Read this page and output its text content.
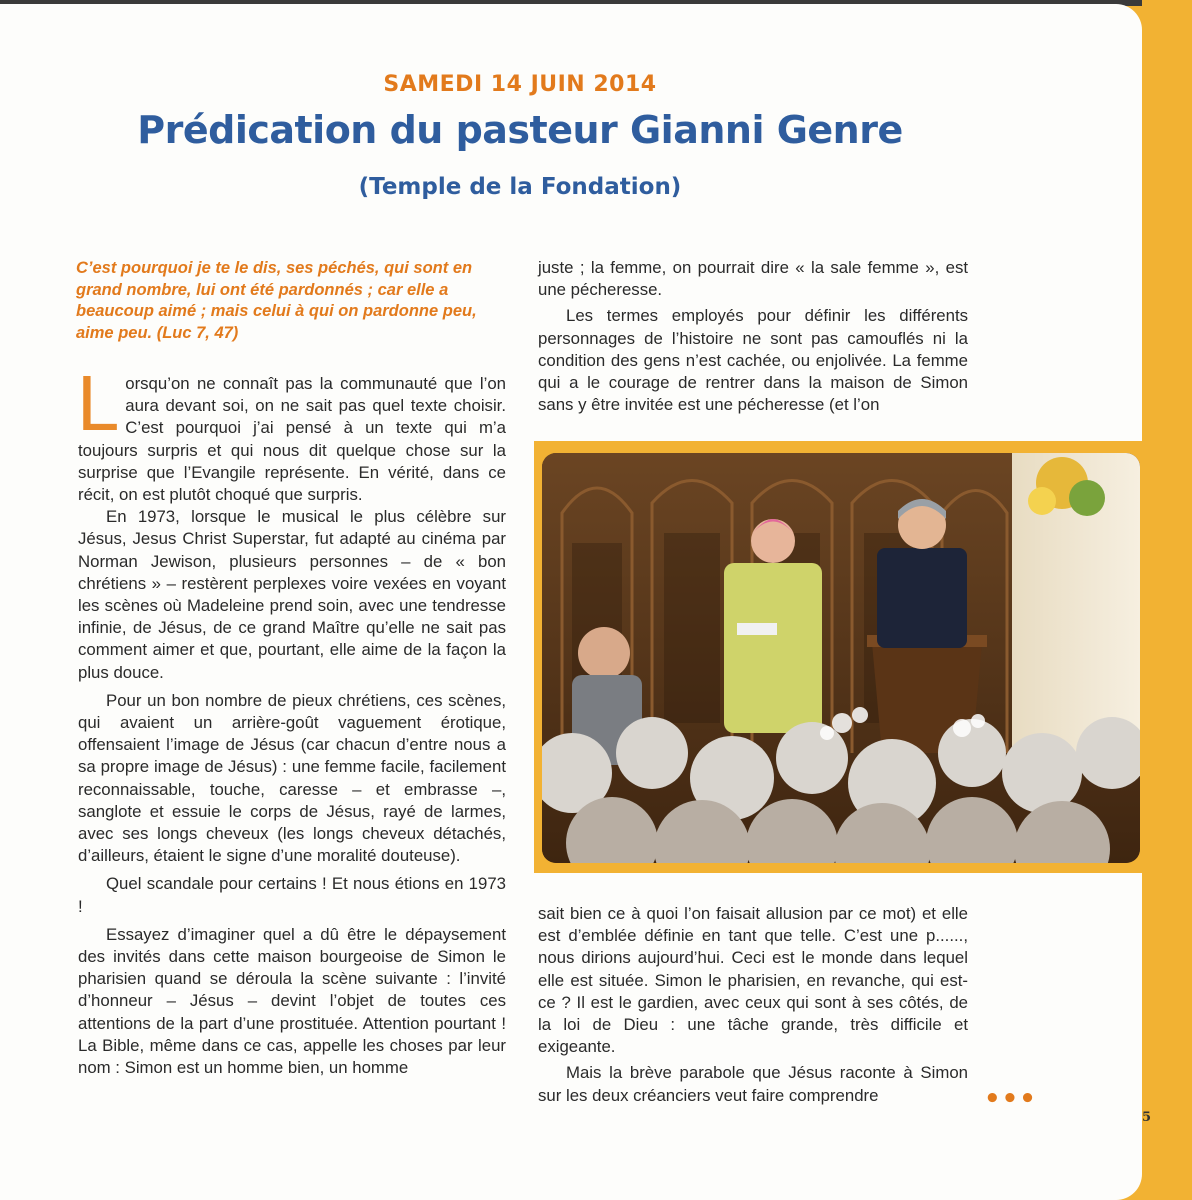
SAMEDI 14 JUIN 2014
Prédication du pasteur Gianni Genre
(Temple de la Fondation)
C’est pourquoi je te le dis, ses péchés, qui sont en grand nombre, lui ont été pardonnés ; car elle a beaucoup aimé ; mais celui à qui on pardonne peu, aime peu. (Luc 7, 47)

Lorsqu’on ne connaît pas la communauté que l’on aura devant soi, on ne sait pas quel texte choisir. C’est pourquoi j’ai pensé à un texte qui m’a toujours surpris et qui nous dit quelque chose sur la surprise que l’Evangile représente. En vérité, dans ce récit, on est plutôt choqué que surpris.

En 1973, lorsque le musical le plus célèbre sur Jésus, Jesus Christ Superstar, fut adapté au cinéma par Norman Jewison, plusieurs personnes – de « bon chrétiens » – restèrent perplexes voire vexées en voyant les scènes où Madeleine prend soin, avec une tendresse infinie, de Jésus, de ce grand Maître qu’elle ne sait pas comment aimer et que, pourtant, elle aime de la façon la plus douce.

Pour un bon nombre de pieux chrétiens, ces scènes, qui avaient un arrière-goût vaguement érotique, offensaient l’image de Jésus (car chacun d’entre nous a sa propre image de Jésus) : une femme facile, facilement reconnaissable, touche, caresse – et embrasse –, sanglote et essuie le corps de Jésus, rayé de larmes, avec ses longs cheveux (les longs cheveux détachés, d’ailleurs, étaient le signe d’une moralité douteuse).

Quel scandale pour certains ! Et nous étions en 1973 !

Essayez d’imaginer quel a dû être le dépaysement des invités dans cette maison bourgeoise de Simon le pharisien quand se déroula la scène suivante : l’invité d’honneur – Jésus – devint l’objet de toutes ces attentions de la part d’une prostituée. Attention pourtant ! La Bible, même dans ce cas, appelle les choses par leur nom : Simon est un homme bien, un homme

juste ; la femme, on pourrait dire « la sale femme », est une pécheresse.

Les termes employés pour définir les différents personnages de l’histoire ne sont pas camouflés ni la condition des gens n’est cachée, ou enjolivée. La femme qui a le courage de rentrer dans la maison de Simon sans y être invitée est une pécheresse (et l’on

sait bien ce à quoi l’on faisait allusion par ce mot) et elle est d’emblée définie en tant que telle. C’est une p......, nous dirions aujourd’hui. Ceci est le monde dans lequel elle est située. Simon le pharisien, en revanche, qui est-ce ? Il est le gardien, avec ceux qui sont à ses côtés, de la loi de Dieu : une tâche grande, très difficile et exigeante.

Mais la brève parabole que Jésus raconte à Simon sur les deux créanciers veut faire comprendre	•••
5
